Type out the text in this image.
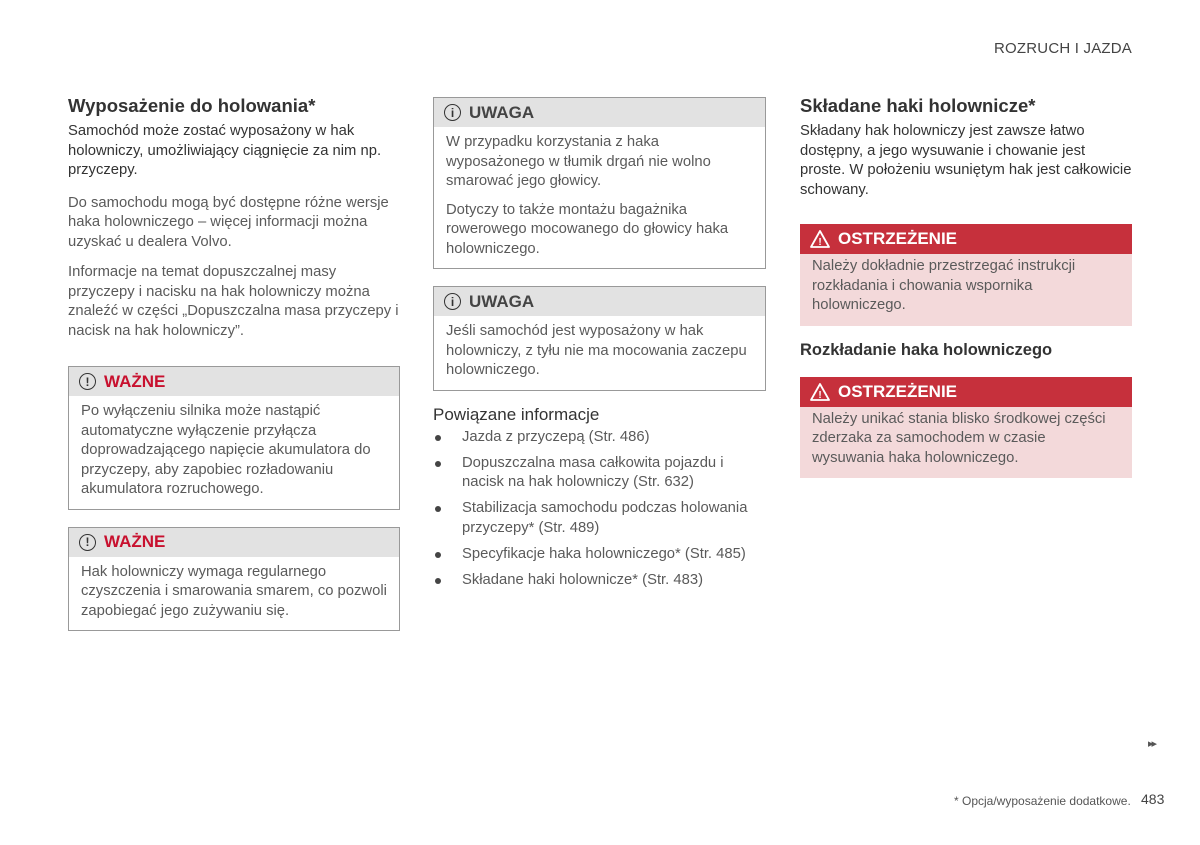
ROZRUCH I JAZDA
Wyposażenie do holowania*

Samochód może zostać wyposażony w hak holowniczy, umożliwiający ciągnięcie za nim np. przyczepy.

Do samochodu mogą być dostępne różne wersje haka holowniczego – więcej informacji można uzyskać u dealera Volvo.

Informacje na temat dopuszczalnej masy przyczepy i nacisku na hak holowniczy można znaleźć w części „Dopuszczalna masa przyczepy i nacisk na hak holowniczy”.

! WAŻNE

Po wyłączeniu silnika może nastąpić automatyczne wyłączenie przyłącza doprowadzającego napięcie akumulatora do przyczepy, aby zapobiec rozładowaniu akumulatora rozruchowego.

! WAŻNE

Hak holowniczy wymaga regularnego czyszczenia i smarowania smarem, co pozwoli zapobiegać jego zużywaniu się.

i UWAGA

W przypadku korzystania z haka wyposażonego w tłumik drgań nie wolno smarować jego głowicy.

Dotyczy to także montażu bagażnika rowerowego mocowanego do głowicy haka holowniczego.

i UWAGA

Jeśli samochód jest wyposażony w hak holowniczy, z tyłu nie ma mocowania zaczepu holowniczego.

Powiązane informacje
Jazda z przyczepą (Str. 486)
Dopuszczalna masa całkowita pojazdu i nacisk na hak holowniczy (Str. 632)
Stabilizacja samochodu podczas holowania przyczepy* (Str. 489)
Specyfikacje haka holowniczego* (Str. 485)
Składane haki holownicze* (Str. 483)
Składane haki holownicze*

Składany hak holowniczy jest zawsze łatwo dostępny, a jego wysuwanie i chowanie jest proste. W położeniu wsuniętym hak jest całkowicie schowany.

! OSTRZEŻENIE

Należy dokładnie przestrzegać instrukcji rozkładania i chowania wspornika holowniczego.

Rozkładanie haka holowniczego
! OSTRZEŻENIE

Należy unikać stania blisko środkowej części zderzaka za samochodem w czasie wysuwania haka holowniczego.

▸▸
* Opcja/wyposażenie dodatkowe. 483
